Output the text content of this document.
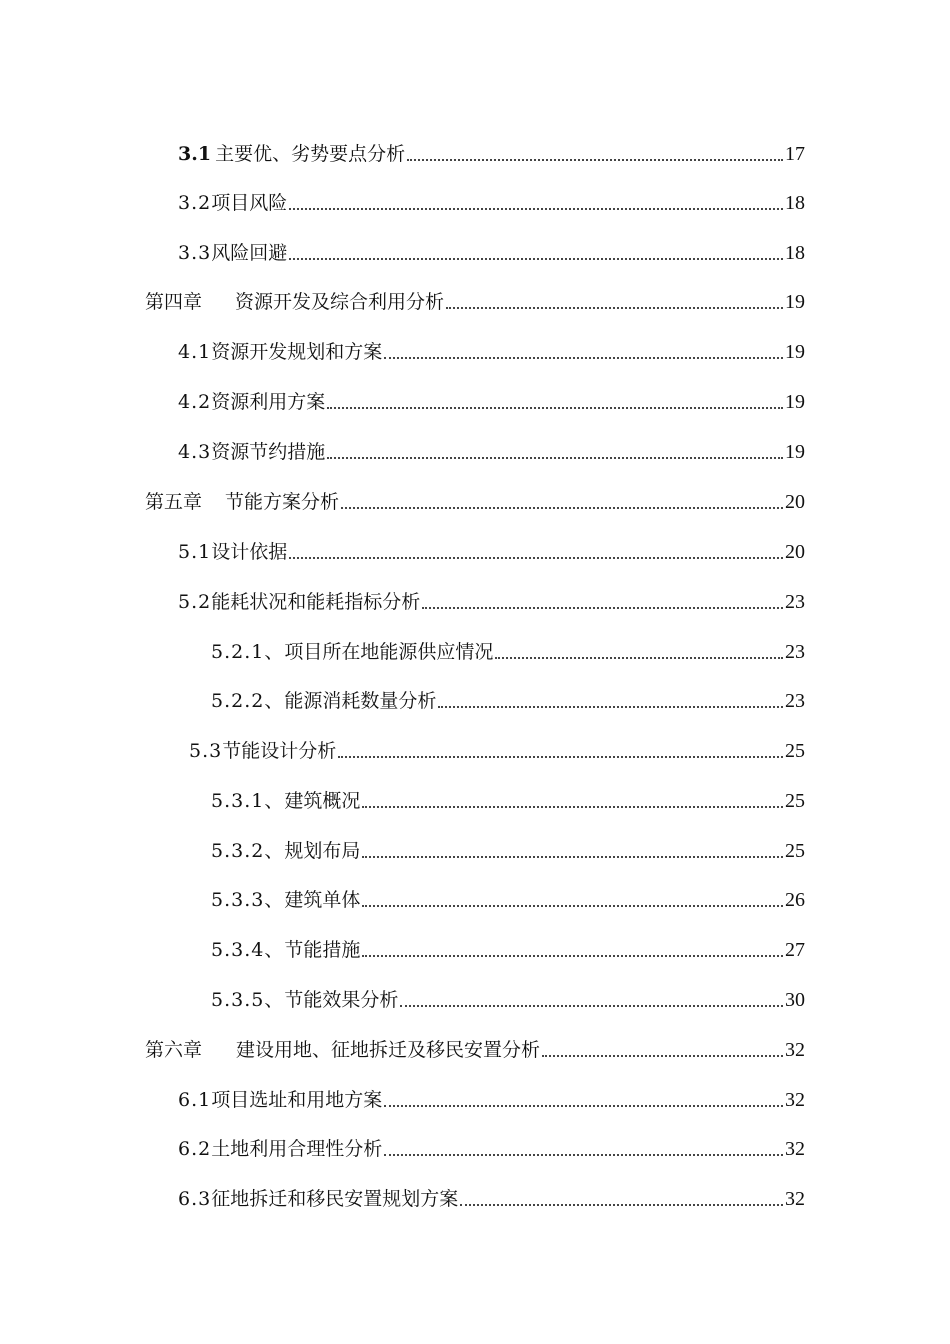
3.1 主要优、劣势要点分析	17
3.2 项目风险	18
3.3 风险回避	18
第四章 资源开发及综合利用分析	19
4.1 资源开发规划和方案	19
4.2 资源利用方案	19
4.3 资源节约措施	19
第五章 节能方案分析	20
5.1 设计依据	20
5.2 能耗状况和能耗指标分析	23
5.2.1、 项目所在地能源供应情况	23
5.2.2、 能源消耗数量分析	23
5.3 节能设计分析	25
5.3.1、 建筑概况	25
5.3.2、 规划布局	25
5.3.3、 建筑单体	26
5.3.4、 节能措施	27
5.3.5、 节能效果分析	30
第六章 建设用地、征地拆迁及移民安置分析	32
6.1 项目选址和用地方案	32
6.2 土地利用合理性分析	32
6.3 征地拆迁和移民安置规划方案	32
